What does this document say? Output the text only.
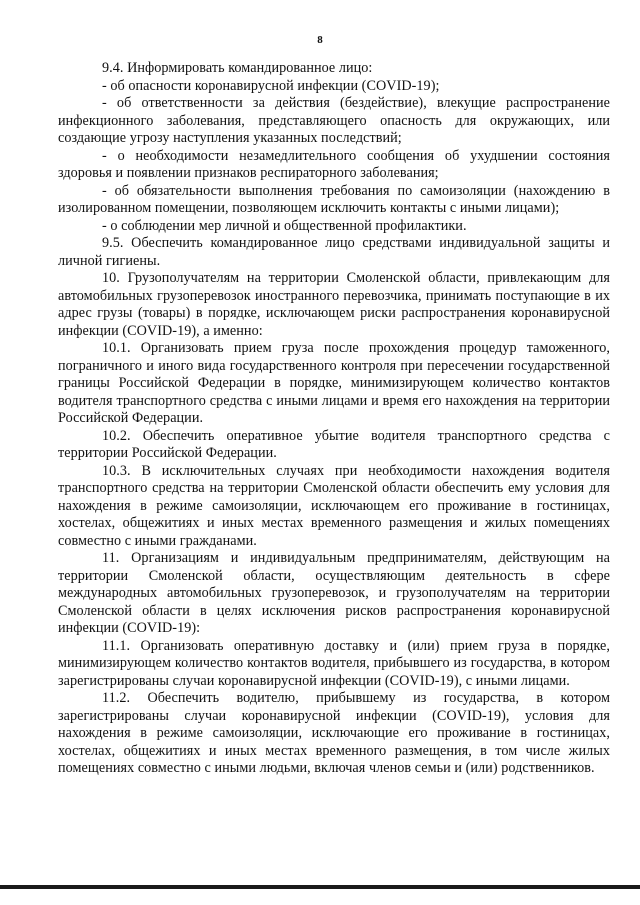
8

9.4. Информировать командированное лицо:

- об опасности коронавирусной инфекции (COVID-19);

- об ответственности за действия (бездействие), влекущие распространение инфекционного заболевания, представляющего опасность для окружающих, или создающие угрозу наступления указанных последствий;

- о необходимости незамедлительного сообщения об ухудшении состояния здоровья и появлении признаков респираторного заболевания;

- об обязательности выполнения требования по самоизоляции (нахождению в изолированном помещении, позволяющем исключить контакты с иными лицами);

- о соблюдении мер личной и общественной профилактики.

9.5. Обеспечить командированное лицо средствами индивидуальной защиты и личной гигиены.

10. Грузополучателям на территории Смоленской области, привлекающим для автомобильных грузоперевозок иностранного перевозчика, принимать поступающие в их адрес грузы (товары) в порядке, исключающем риски распространения коронавирусной инфекции (COVID-19), а именно:

10.1. Организовать прием груза после прохождения процедур таможенного, пограничного и иного вида государственного контроля при пересечении государственной границы Российской Федерации в порядке, минимизирующем количество контактов водителя транспортного средства с иными лицами и время его нахождения на территории Российской Федерации.

10.2. Обеспечить оперативное убытие водителя транспортного средства с территории Российской Федерации.

10.3. В исключительных случаях при необходимости нахождения водителя транспортного средства на территории Смоленской области обеспечить ему условия для нахождения в режиме самоизоляции, исключающем его проживание в гостиницах, хостелах, общежитиях и иных местах временного размещения и жилых помещениях совместно с иными гражданами.

11. Организациям и индивидуальным предпринимателям, действующим на территории Смоленской области, осуществляющим деятельность в сфере международных автомобильных грузоперевозок, и грузополучателям на территории Смоленской области в целях исключения рисков распространения коронавирусной инфекции (COVID-19):

11.1. Организовать оперативную доставку и (или) прием груза в порядке, минимизирующем количество контактов водителя, прибывшего из государства, в котором зарегистрированы случаи коронавирусной инфекции (COVID-19), с иными лицами.

11.2. Обеспечить водителю, прибывшему из государства, в котором зарегистрированы случаи коронавирусной инфекции (COVID-19), условия для нахождения в режиме самоизоляции, исключающие его проживание в гостиницах, хостелах, общежитиях и иных местах временного размещения, в том числе жилых помещениях совместно с иными людьми, включая членов семьи и (или) родственников.
